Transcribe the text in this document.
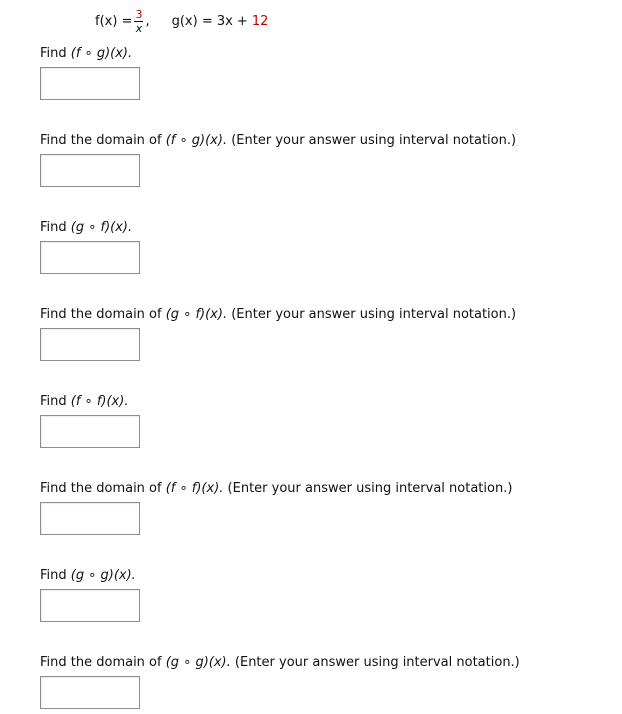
$f(x) = \frac{3}{x}$ , g(x) = 3x + 12
Find (f ∘ g)(x).
Find the domain of (f ∘ g)(x). (Enter your answer using interval notation.)
Find (g ∘ f)(x).
Find the domain of (g ∘ f)(x). (Enter your answer using interval notation.)
Find (f ∘ f)(x).
Find the domain of (f ∘ f)(x). (Enter your answer using interval notation.)
Find (g ∘ g)(x).
Find the domain of (g ∘ g)(x). (Enter your answer using interval notation.)
